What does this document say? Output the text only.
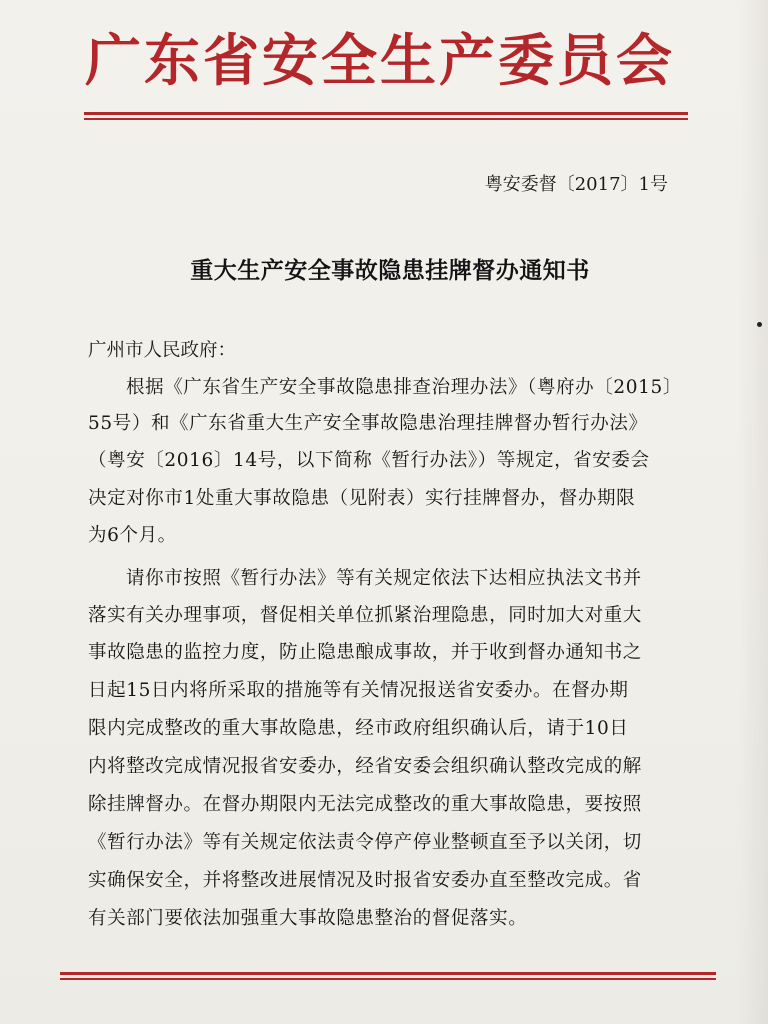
广东省安全生产委员会
粤安委督〔2017〕1号
重大生产安全事故隐患挂牌督办通知书
广州市人民政府：
根据《广东省生产安全事故隐患排查治理办法》（粤府办〔2015〕
55号）和《广东省重大生产安全事故隐患治理挂牌督办暂行办法》
（粤安〔2016〕14号，以下简称《暂行办法》）等规定，省安委会
决定对你市1处重大事故隐患（见附表）实行挂牌督办，督办期限
为6个月。
请你市按照《暂行办法》等有关规定依法下达相应执法文书并
落实有关办理事项，督促相关单位抓紧治理隐患，同时加大对重大
事故隐患的监控力度，防止隐患酿成事故，并于收到督办通知书之
日起15日内将所采取的措施等有关情况报送省安委办。在督办期
限内完成整改的重大事故隐患，经市政府组织确认后，请于10日
内将整改完成情况报省安委办，经省安委会组织确认整改完成的解
除挂牌督办。在督办期限内无法完成整改的重大事故隐患，要按照
《暂行办法》等有关规定依法责令停产停业整顿直至予以关闭，切
实确保安全，并将整改进展情况及时报省安委办直至整改完成。省
有关部门要依法加强重大事故隐患整治的督促落实。
